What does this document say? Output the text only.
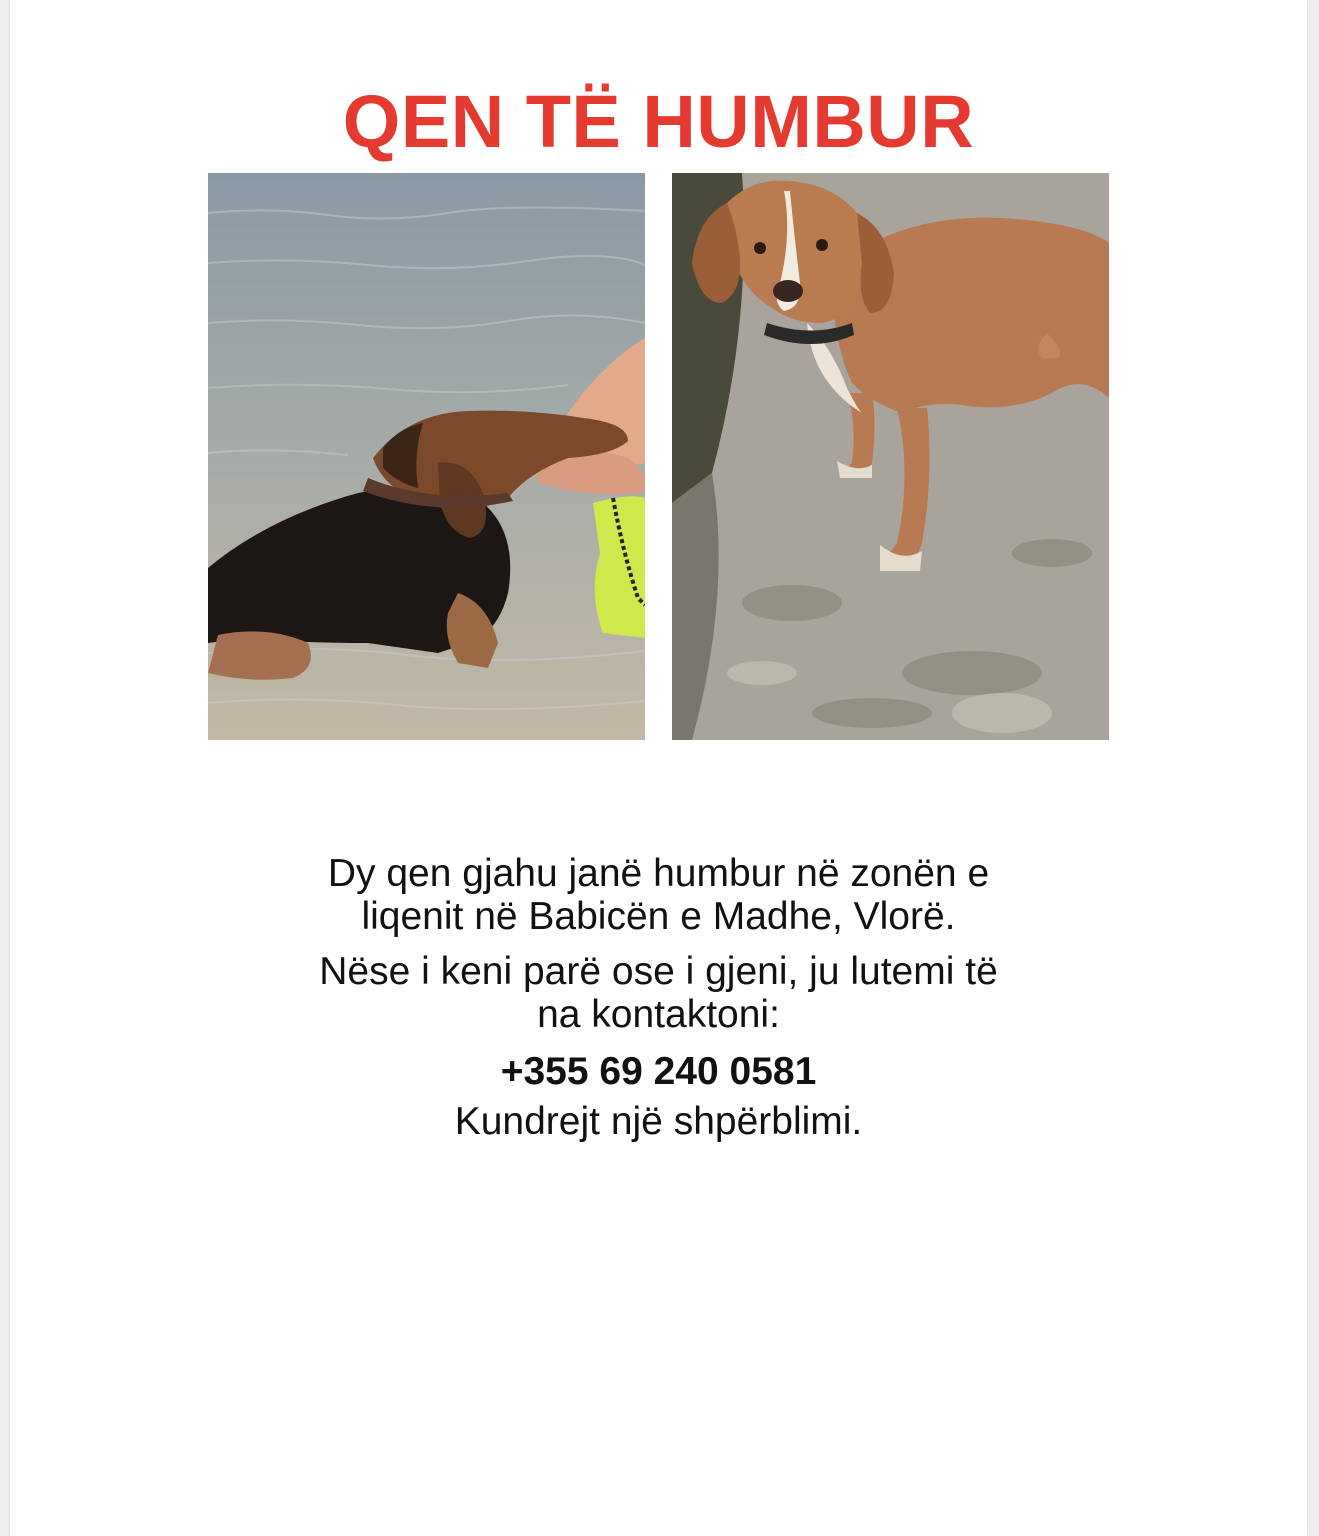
QEN TË HUMBUR
Dy qen gjahu janë humbur në zonën e
liqenit në Babicën e Madhe, Vlorë.
Nëse i keni parë ose i gjeni, ju lutemi të
na kontaktoni:
+355 69 240 0581
Kundrejt një shpërblimi.
